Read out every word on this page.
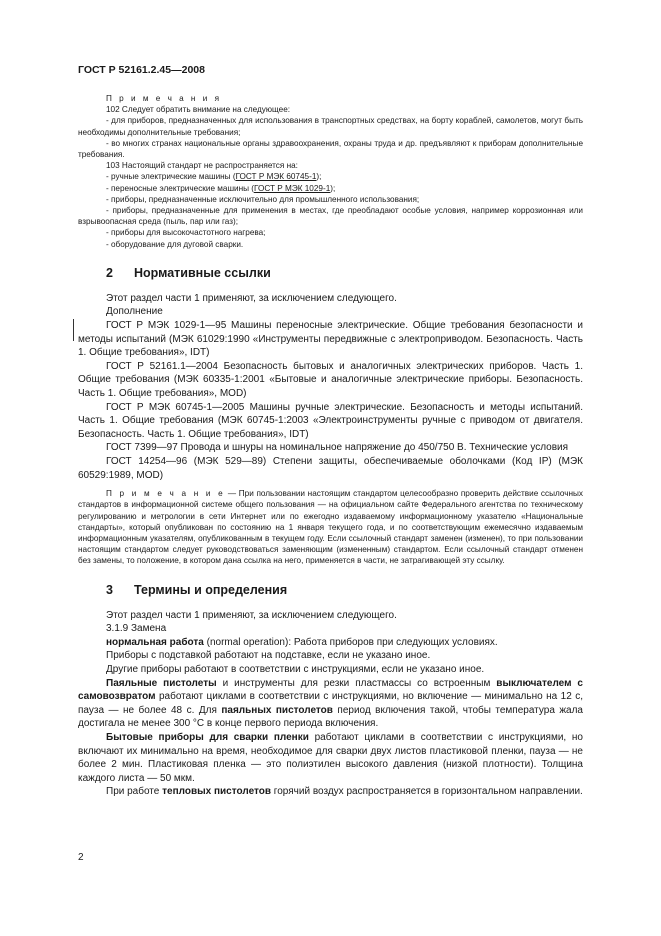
ГОСТ Р 52161.2.45—2008

П р и м е ч а н и я

102 Следует обратить внимание на следующее:

- для приборов, предназначенных для использования в транспортных средствах, на борту кораблей, самолетов, могут быть необходимы дополнительные требования;

- во многих странах национальные органы здравоохранения, охраны труда и др. предъявляют к приборам дополнительные требования.

103 Настоящий стандарт не распространяется на:

- ручные электрические машины (ГОСТ Р МЭК 60745-1);

- переносные электрические машины (ГОСТ Р МЭК 1029-1);

- приборы, предназначенные исключительно для промышленного использования;

- приборы, предназначенные для применения в местах, где преобладают особые условия, например коррозионная или взрывоопасная среда (пыль, пар или газ);

- приборы для высокочастотного нагрева;

- оборудование для дуговой сварки.

2 Нормативные ссылки

Этот раздел части 1 применяют, за исключением следующего.

Дополнение

ГОСТ Р МЭК 1029-1—95 Машины переносные электрические. Общие требования безопасности и методы испытаний (МЭК 61029:1990 «Инструменты передвижные с электроприводом. Безопасность. Часть 1. Общие требования», IDT)

ГОСТ Р 52161.1—2004 Безопасность бытовых и аналогичных электрических приборов. Часть 1. Общие требования (МЭК 60335-1:2001 «Бытовые и аналогичные электрические приборы. Безопасность. Часть 1. Общие требования», MOD)

ГОСТ Р МЭК 60745-1—2005 Машины ручные электрические. Безопасность и методы испытаний. Часть 1. Общие требования (МЭК 60745-1:2003 «Электроинструменты ручные с приводом от двигателя. Безопасность. Часть 1. Общие требования», IDT)

ГОСТ 7399—97 Провода и шнуры на номинальное напряжение до 450/750 В. Технические условия

ГОСТ 14254—96 (МЭК 529—89) Степени защиты, обеспечиваемые оболочками (Код IP) (МЭК 60529:1989, MOD)

П р и м е ч а н и е — При пользовании настоящим стандартом целесообразно проверить действие ссылочных стандартов в информационной системе общего пользования — на официальном сайте Федерального агентства по техническому регулированию и метрологии в сети Интернет или по ежегодно издаваемому информационному указателю «Национальные стандарты», который опубликован по состоянию на 1 января текущего года, и по соответствующим ежемесячно издаваемым информационным указателям, опубликованным в текущем году. Если ссылочный стандарт заменен (изменен), то при пользовании настоящим стандартом следует руководствоваться заменяющим (измененным) стандартом. Если ссылочный стандарт отменен без замены, то положение, в котором дана ссылка на него, применяется в части, не затрагивающей эту ссылку.

3 Термины и определения

Этот раздел части 1 применяют, за исключением следующего.

3.1.9 Замена

нормальная работа (normal operation): Работа приборов при следующих условиях.

Приборы с подставкой работают на подставке, если не указано иное.

Другие приборы работают в соответствии с инструкциями, если не указано иное.

Паяльные пистолеты и инструменты для резки пластмассы со встроенным выключателем с самовозвратом работают циклами в соответствии с инструкциями, но включение — минимально на 12 с, пауза — не более 48 с. Для паяльных пистолетов период включения такой, чтобы температура жала достигала не менее 300 °С в конце первого периода включения.

Бытовые приборы для сварки пленки работают циклами в соответствии с инструкциями, но включают их минимально на время, необходимое для сварки двух листов пластиковой пленки, пауза — не более 2 мин. Пластиковая пленка — это полиэтилен высокого давления (низкой плотности). Толщина каждого листа — 50 мкм.

При работе тепловых пистолетов горячий воздух распространяется в горизонтальном направлении.

2
